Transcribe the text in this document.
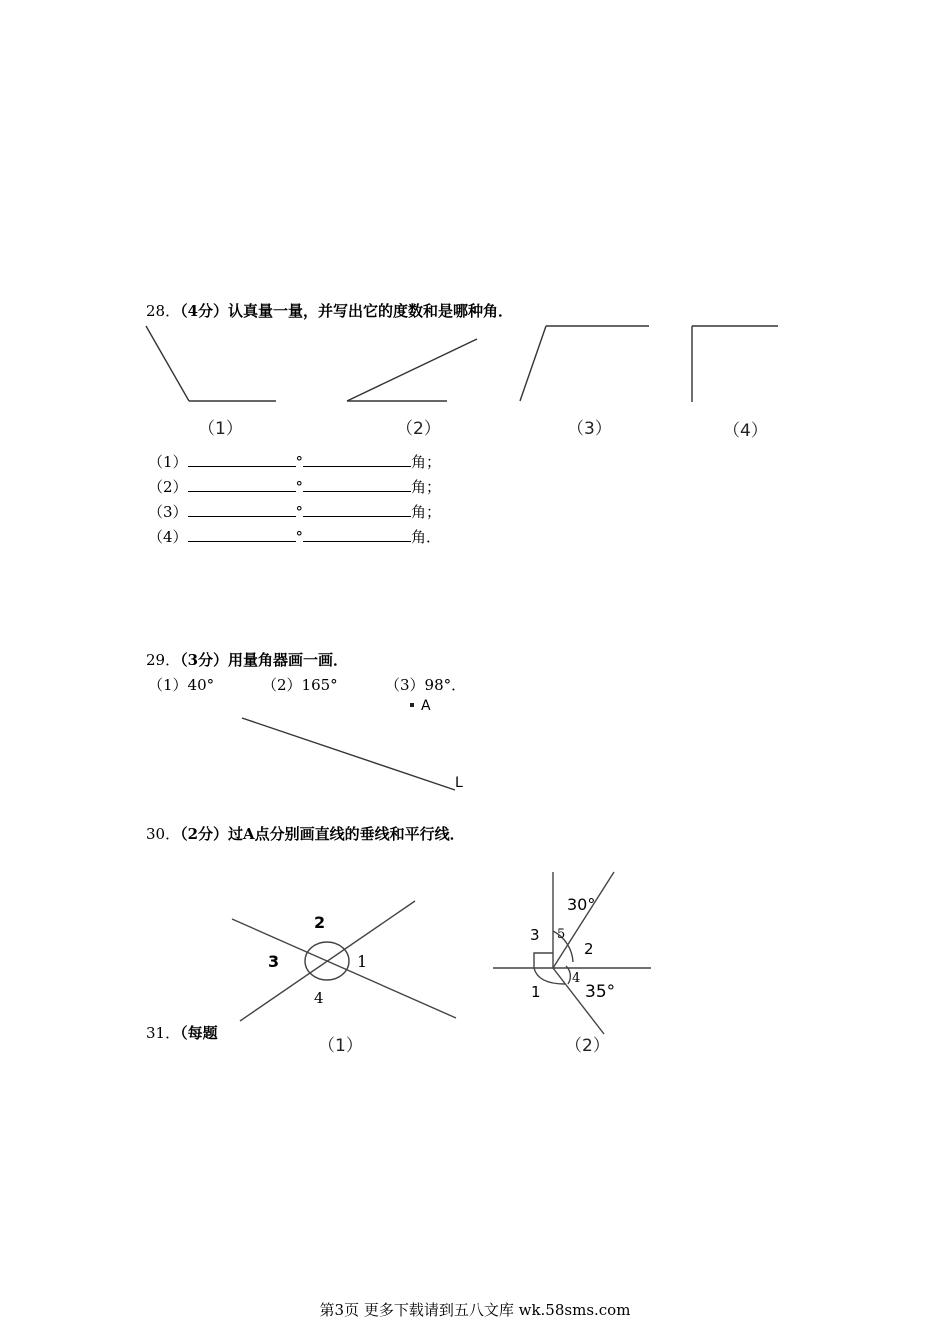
28．（4分）认真量一量，并写出它的度数和是哪种角．
（1）	（2）	（3）	（4）
（1）	°	角；
（2）	°	角；
（3）	°	角；
（4）	°	角．
29．（3分）用量角器画一画．
（1）40°	（2）165°	（3）98°．
A
L
30．（2分）过A点分别画直线的垂线和平行线．
2
3	1
4
（1）
31．（每题
30°
3 5
2
1
4
35°
（2）
第3页 更多下载请到五八文库 wk.58sms.com
